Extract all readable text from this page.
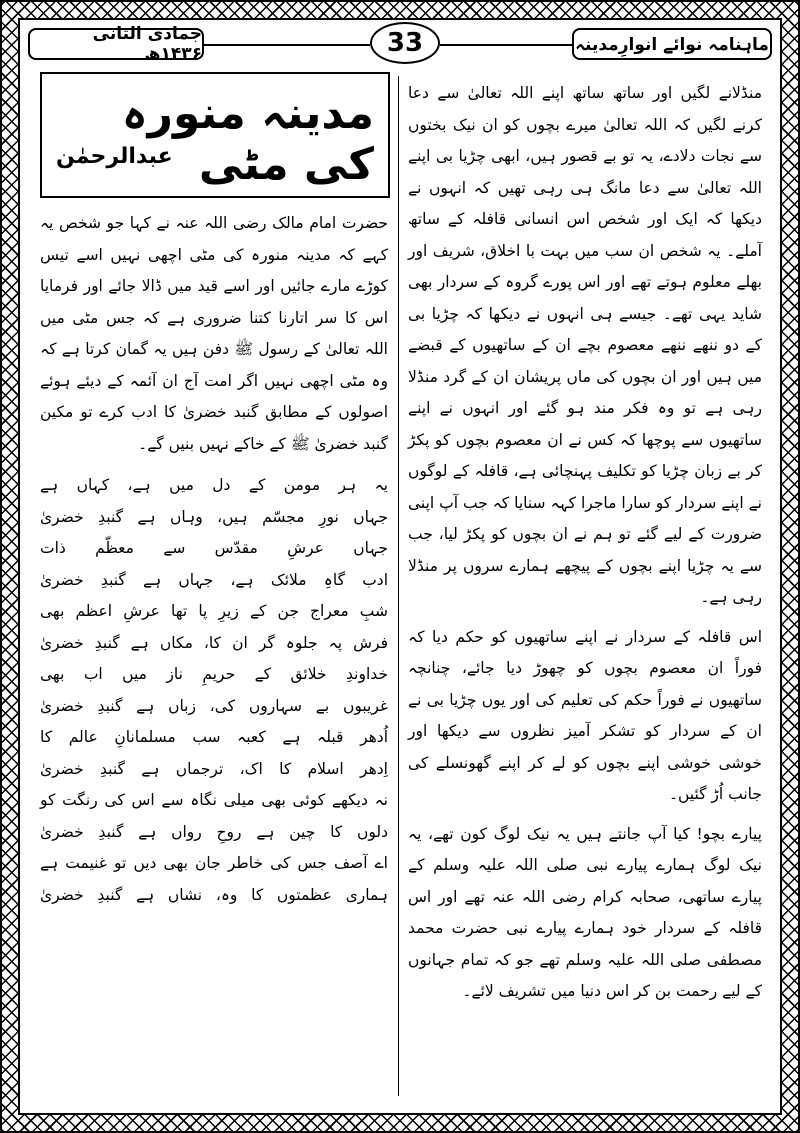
ماہنامہ نوائے انوارِمدینہ
جمادی الثانی ۱۴۳۶ھ	33

منڈلانے لگیں اور ساتھ ساتھ اپنے اللہ تعالیٰ سے دعا کرنے لگیں کہ اللہ تعالیٰ میرے بچوں کو ان نیک بختوں سے نجات دلادے، یہ تو بے قصور ہیں، ابھی چڑیا بی اپنے اللہ تعالیٰ سے دعا مانگ ہی رہی تھیں کہ انہوں نے دیکھا کہ ایک اور شخص اس انسانی قافلہ کے ساتھ آملے۔ یہ شخص ان سب میں بہت با اخلاق، شریف اور بھلے معلوم ہوتے تھے اور اس پورے گروہ کے سردار بھی شاید یہی تھے۔ جیسے ہی انہوں نے دیکھا کہ چڑیا بی کے دو ننھے ننھے معصوم بچے ان کے ساتھیوں کے قبضے میں ہیں اور ان بچوں کی ماں پریشان ان کے گرد منڈلا رہی ہے تو وہ فکر مند ہو گئے اور انہوں نے اپنے ساتھیوں سے پوچھا کہ کس نے ان معصوم بچوں کو پکڑ کر بے زبان چڑیا کو تکلیف پہنچائی ہے، قافلہ کے لوگوں نے اپنے سردار کو سارا ماجرا کہہ سنایا کہ جب آپ اپنی ضرورت کے لیے گئے تو ہم نے ان بچوں کو پکڑ لیا، جب سے یہ چڑیا اپنے بچوں کے پیچھے ہمارے سروں پر منڈلا رہی ہے۔

اس قافلہ کے سردار نے اپنے ساتھیوں کو حکم دیا کہ فوراً ان معصوم بچوں کو چھوڑ دیا جائے، چنانچہ ساتھیوں نے فوراً حکم کی تعلیم کی اور یوں چڑیا بی نے ان کے سردار کو تشکر آمیز نظروں سے دیکھا اور خوشی خوشی اپنے بچوں کو لے کر اپنے گھونسلے کی جانب اُڑ گئیں۔

پیارے بچو! کیا آپ جانتے ہیں یہ نیک لوگ کون تھے، یہ نیک لوگ ہمارے پیارے نبی صلی اللہ علیہ وسلم کے پیارے ساتھی، صحابہ کرام رضی اللہ عنہ تھے اور اس قافلہ کے سردار خود ہمارے پیارے نبی حضرت محمد مصطفی صلی اللہ علیہ وسلم تھے جو کہ تمام جہانوں کے لیے رحمت بن کر اس دنیا میں تشریف لائے۔

مدینہ منورہ کی مٹی
عبدالرحمٰن

حضرت امام مالک رضی اللہ عنہ نے کہا جو شخص یہ کہے کہ مدینہ منورہ کی مٹی اچھی نہیں اسے تیس کوڑے مارے جائیں اور اسے قید میں ڈالا جائے اور فرمایا اس کا سر اتارنا کتنا ضروری ہے کہ جس مٹی میں اللہ تعالیٰ کے رسول ﷺ دفن ہیں یہ گمان کرتا ہے کہ وہ مٹی اچھی نہیں اگر امت آج ان آئمہ کے دیئے ہوئے اصولوں کے مطابق گنبد خضریٰ کا ادب کرے تو مکین گنبد خضریٰ ﷺ کے خاکے نہیں بنیں گے۔

یہ ہر مومن کے دل میں ہے، کہاں ہے
جہاں نورِ مجسّم ہیں، وہاں ہے گنبدِ خضریٰ
جہاں عرشِ مقدّس سے معظّم ذات
ادب گاہِ ملائک ہے، جہاں ہے گنبدِ خضریٰ
شبِ معراج جن کے زیرِ پا تھا عرشِ اعظم بھی
فرش پہ جلوہ گر ان کا، مکاں ہے گنبدِ خضریٰ
خداوندِ خلائق کے حریمِ ناز میں اب بھی
غریبوں بے سہاروں کی، زباں ہے گنبدِ خضریٰ
اُدھر قبلہ ہے کعبہ سب مسلمانانِ عالم کا
اِدھر اسلام کا اک، ترجماں ہے گنبدِ خضریٰ
نہ دیکھے کوئی بھی میلی نگاہ سے اس کی رنگت کو
دلوں کا چین ہے روحِ رواں ہے گنبدِ خضریٰ
اے آصف جس کی خاطر جان بھی دیں تو غنیمت ہے
ہماری عظمتوں کا وہ، نشاں ہے گنبدِ خضریٰ
